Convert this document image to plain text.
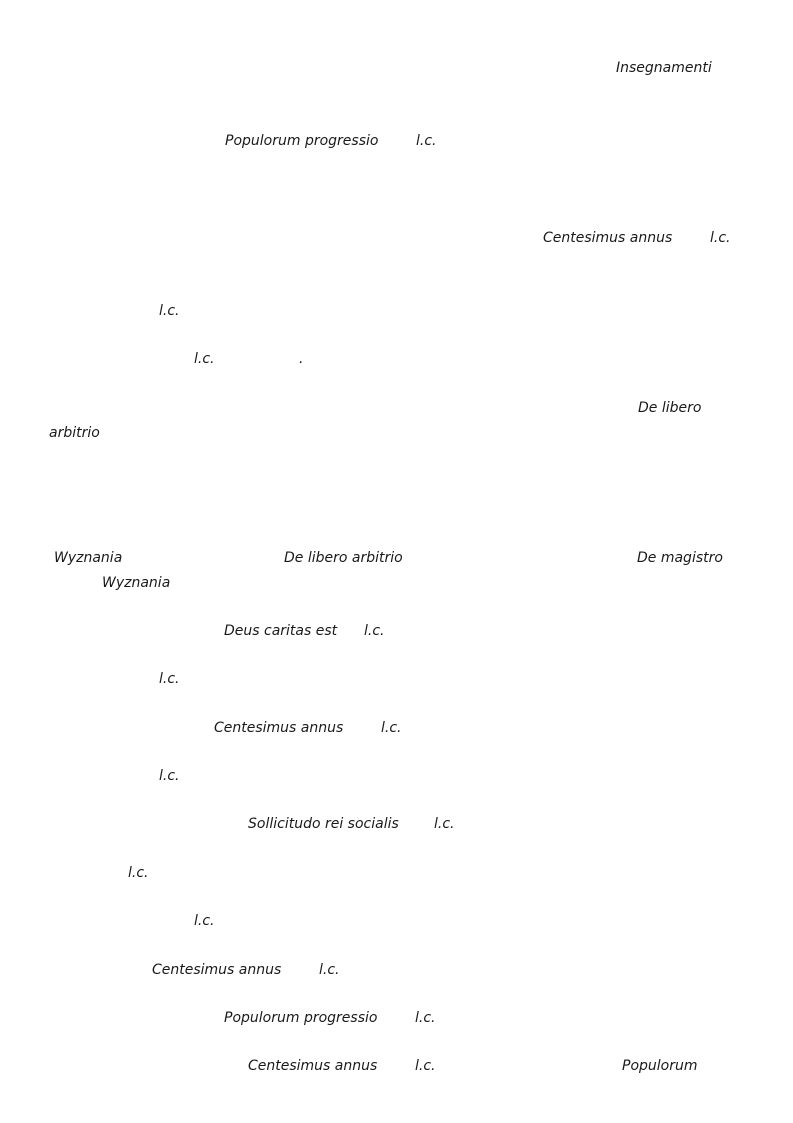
Insegnamenti
Populorum progressio	l.c.
Centesimus annus	l.c.
l.c.
l.c.	.
De libero
arbitrio
Wyznania	De libero arbitrio	De magistro
Wyznania
Deus caritas est l.c.
l.c.
Centesimus annus	l.c.
l.c.
Sollicitudo rei socialis	l.c.
l.c.
l.c.
Centesimus annus	l.c.
Populorum progressio	l.c.
Centesimus annus	l.c.	Populorum
